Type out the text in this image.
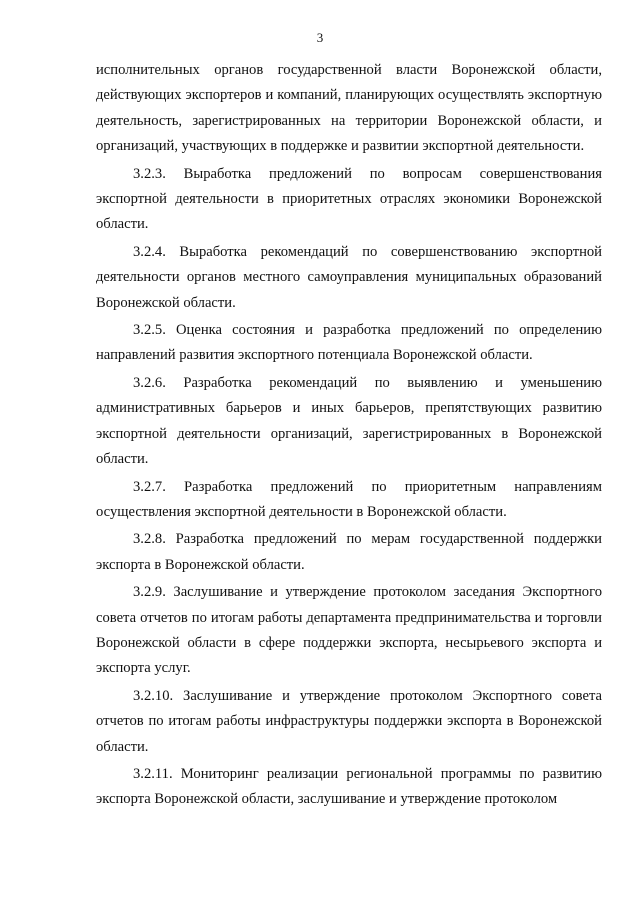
3

исполнительных органов государственной власти Воронежской области, действующих экспортеров и компаний, планирующих осуществлять экспортную деятельность, зарегистрированных на территории Воронежской области, и организаций, участвующих в поддержке и развитии экспортной деятельности.

3.2.3. Выработка предложений по вопросам совершенствования экспортной деятельности в приоритетных отраслях экономики Воронежской области.

3.2.4. Выработка рекомендаций по совершенствованию экспортной деятельности органов местного самоуправления муниципальных образований Воронежской области.

3.2.5. Оценка состояния и разработка предложений по определению направлений развития экспортного потенциала Воронежской области.

3.2.6. Разработка рекомендаций по выявлению и уменьшению административных барьеров и иных барьеров, препятствующих развитию экспортной деятельности организаций, зарегистрированных в Воронежской области.

3.2.7. Разработка предложений по приоритетным направлениям осуществления экспортной деятельности в Воронежской области.

3.2.8. Разработка предложений по мерам государственной поддержки экспорта в Воронежской области.

3.2.9. Заслушивание и утверждение протоколом заседания Экспортного совета отчетов по итогам работы департамента предпринимательства и торговли Воронежской области в сфере поддержки экспорта, несырьевого экспорта и экспорта услуг.

3.2.10. Заслушивание и утверждение протоколом Экспортного совета отчетов по итогам работы инфраструктуры поддержки экспорта в Воронежской области.

3.2.11. Мониторинг реализации региональной программы по развитию экспорта Воронежской области, заслушивание и утверждение протоколом
